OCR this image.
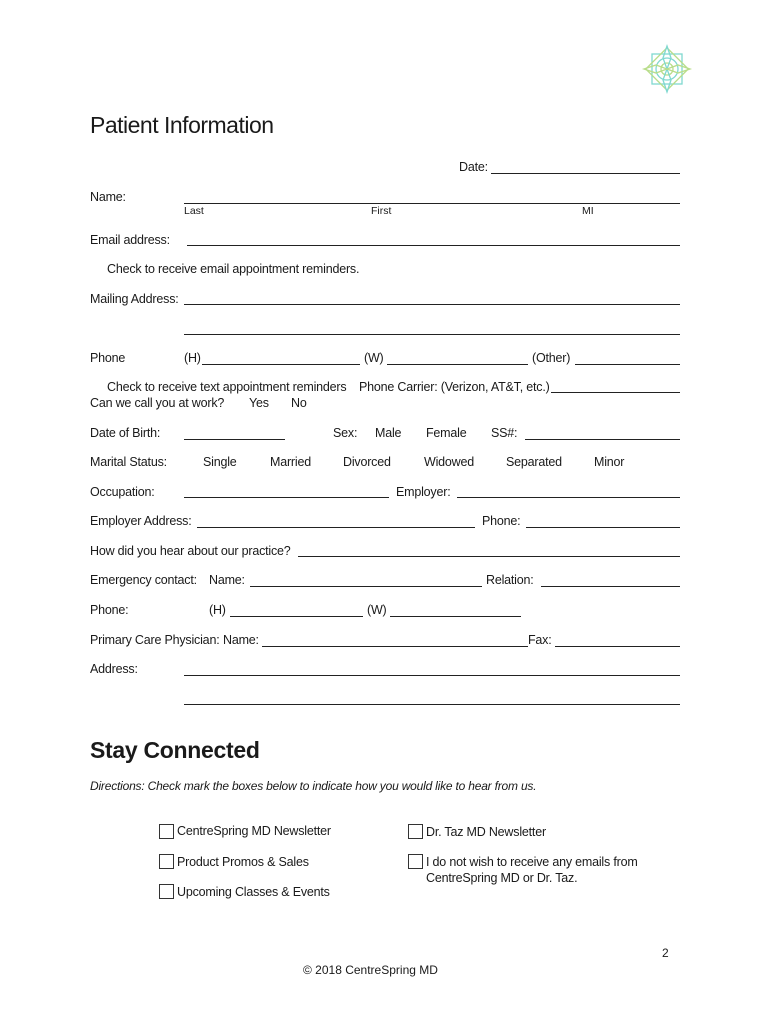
Patient Information
Date:
Name:
Last	First	MI
Email address:
Check to receive email appointment reminders.
Mailing Address:
Phone	(H)	(W)	(Other)
Check to receive text appointment reminders Phone Carrier: (Verizon, AT&T, etc.)
Can we call you at work? Yes No
Date of Birth:	Sex: Male Female SS#:
Marital Status:	Single	Married	Divorced	Widowed	Separated	Minor
Occupation:	Employer:
Employer Address:	Phone:
How did you hear about our practice?
Emergency contact: Name:	Relation:
Phone:	(H)	(W)
Primary Care Physician: Name:	Fax:
Address:
Stay Connected
Directions: Check mark the boxes below to indicate how you would like to hear from us.
CentreSpring MD Newsletter	Dr. Taz MD Newsletter
Product Promos & Sales	I do not wish to receive any emails from
CentreSpring MD or Dr. Taz.
Upcoming Classes & Events
2
© 2018 CentreSpring MD
